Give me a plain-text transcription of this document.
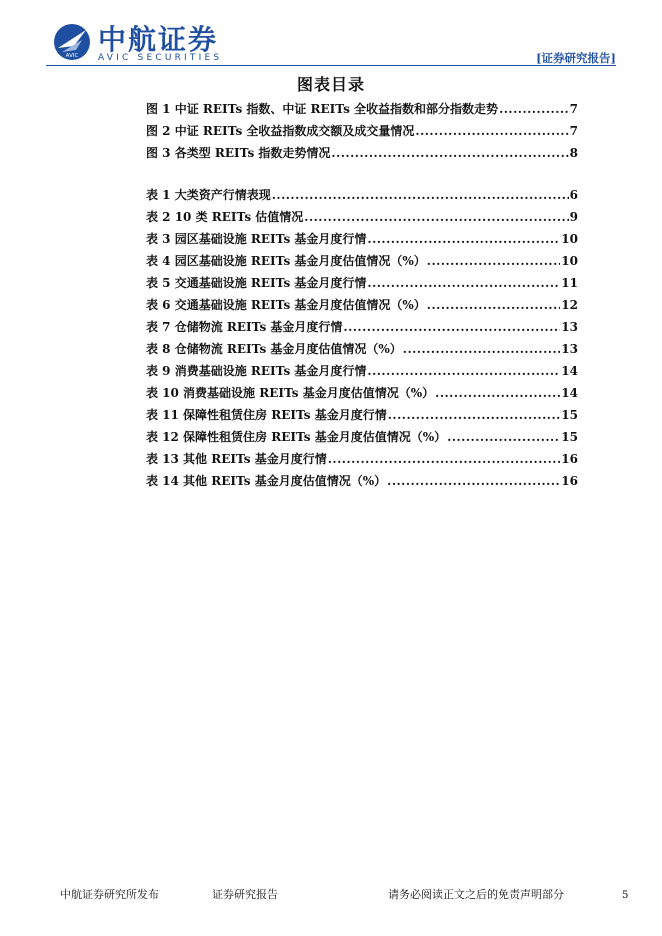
AVIC 中航证券
AVIC SECURITIES	[证券研究报告]
图表目录
图 1 中证 REITs 指数、中证 REITs 全收益指数和部分指数走势 .....	7
图 2 中证 REITs 全收益指数成交额及成交量情况 .....	7
图 3 各类型 REITs 指数走势情况 .....	8
表 1 大类资产行情表现 .....	6
表 2 10 类 REITs 估值情况 .....	9
表 3 园区基础设施 REITs 基金月度行情 .....	10
表 4 园区基础设施 REITs 基金月度估值情况（%） .....	10
表 5 交通基础设施 REITs 基金月度行情 .....	11
表 6 交通基础设施 REITs 基金月度估值情况（%） .....	12
表 7 仓储物流 REITs 基金月度行情 .....	13
表 8 仓储物流 REITs 基金月度估值情况（%） .....	13
表 9 消费基础设施 REITs 基金月度行情 .....	14
表 10 消费基础设施 REITs 基金月度估值情况（%） .....	14
表 11 保障性租赁住房 REITs 基金月度行情 .....	15
表 12 保障性租赁住房 REITs 基金月度估值情况（%） .....	15
表 13 其他 REITs 基金月度行情 .....	16
表 14 其他 REITs 基金月度估值情况（%） .....	16
中航证券研究所发布	证券研究报告	请务必阅读正文之后的免责声明部分	5
